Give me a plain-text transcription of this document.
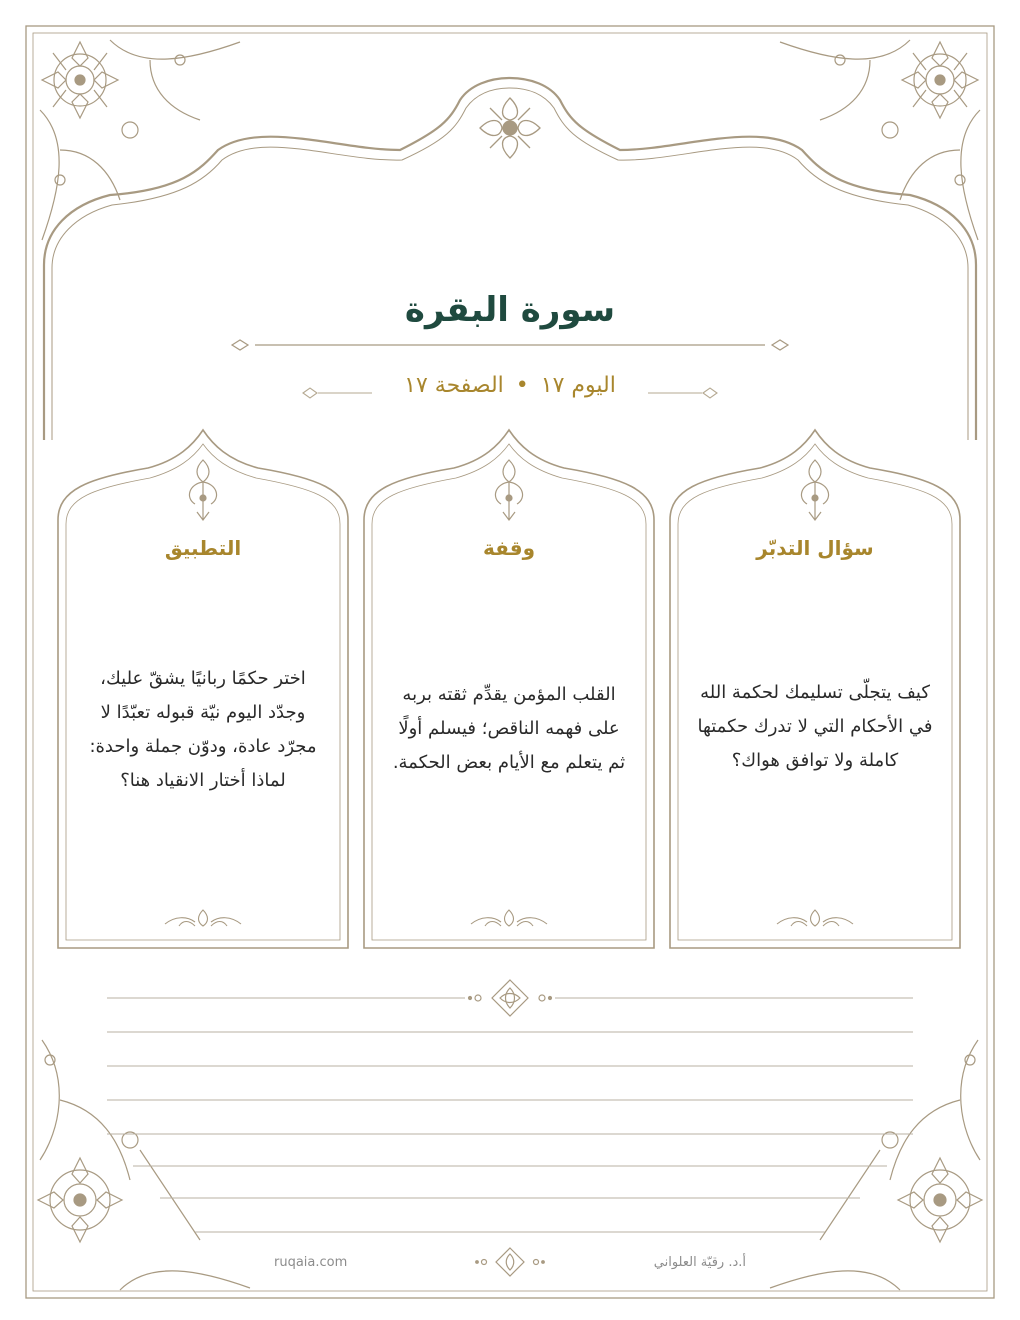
سورة البقرة
اليوم ١٧•الصفحة ١٧
سؤال التدبّر
كيف يتجلّى تسليمك لحكمة الله في الأحكام التي لا تدرك حكمتها كاملة ولا توافق هواك؟
وقفة
القلب المؤمن يقدِّم ثقته بربه على فهمه الناقص؛ فيسلم أولًا ثم يتعلم مع الأيام بعض الحكمة.
التطبيق
اختر حكمًا ربانيًا يشقّ عليك، وجدّد اليوم نيّة قبوله تعبّدًا لا مجرّد عادة، ودوّن جملة واحدة: لماذا أختار الانقياد هنا؟
ruqaia.com	أ.د. رقيّة العلواني
